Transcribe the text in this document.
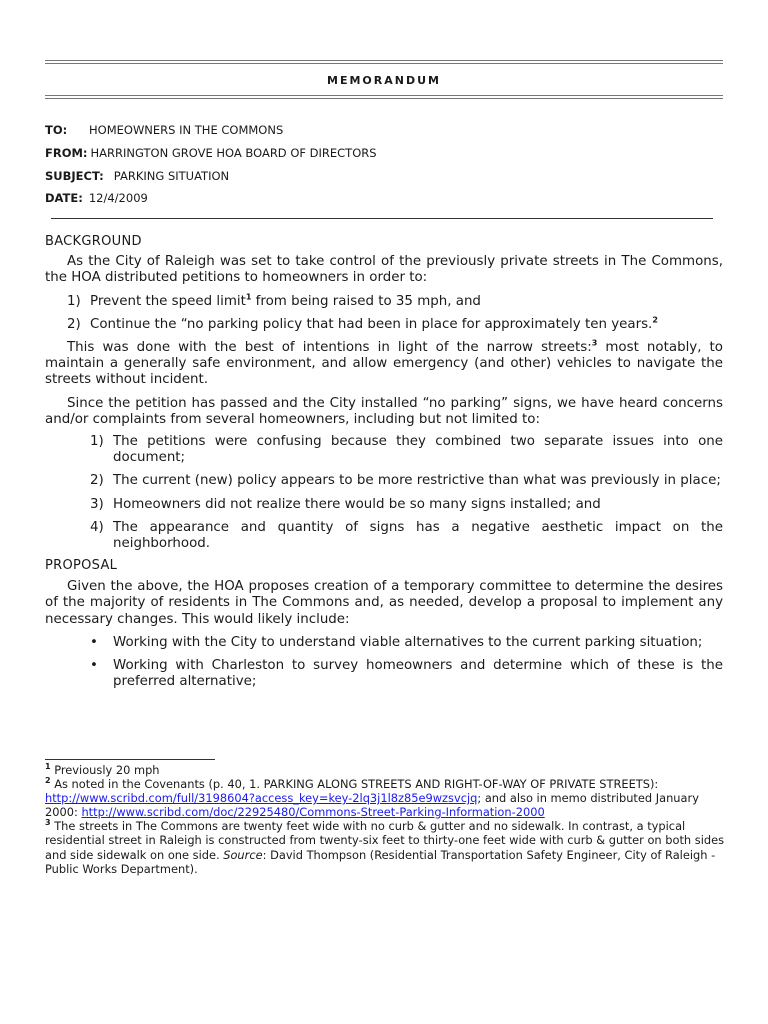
MEMORANDUM
TO: HOMEOWNERS IN THE COMMONS
FROM: HARRINGTON GROVE HOA BOARD OF DIRECTORS
SUBJECT: PARKING SITUATION
DATE: 12/4/2009
BACKGROUND

As the City of Raleigh was set to take control of the previously private streets in The Commons, the HOA distributed petitions to homeowners in order to:

1) Prevent the speed limit$^1$ from being raised to 35 mph, and
2) Continue the “no parking policy that had been in place for approximately ten years.$^2$

This was done with the best of intentions in light of the narrow streets:$^3$ most notably, to maintain a generally safe environment, and allow emergency (and other) vehicles to navigate the streets without incident.

Since the petition has passed and the City installed “no parking” signs, we have heard concerns and/or complaints from several homeowners, including but not limited to:

1) The petitions were confusing because they combined two separate issues into one document;
2) The current (new) policy appears to be more restrictive than what was previously in place;
3) Homeowners did not realize there would be so many signs installed; and
4) The appearance and quantity of signs has a negative aesthetic impact on the neighborhood.
PROPOSAL

Given the above, the HOA proposes creation of a temporary committee to determine the desires of the majority of residents in The Commons and, as needed, develop a proposal to implement any necessary changes. This would likely include:

• Working with the City to understand viable alternatives to the current parking situation;
• Working with Charleston to survey homeowners and determine which of these is the preferred alternative;
$^1$ Previously 20 mph
$^2$ As noted in the Covenants (p. 40, 1. PARKING ALONG STREETS AND RIGHT-OF-WAY OF PRIVATE STREETS): http://www.scribd.com/full/3198604?access_key=key-2lq3j1l8z85e9wzsvcjq; and also in memo distributed January 2000: http://www.scribd.com/doc/22925480/Commons-Street-Parking-Information-2000
$^3$ The streets in The Commons are twenty feet wide with no curb & gutter and no sidewalk. In contrast, a typical residential street in Raleigh is constructed from twenty-six feet to thirty-one feet wide with curb & gutter on both sides and side sidewalk on one side. Source: David Thompson (Residential Transportation Safety Engineer, City of Raleigh - Public Works Department).
